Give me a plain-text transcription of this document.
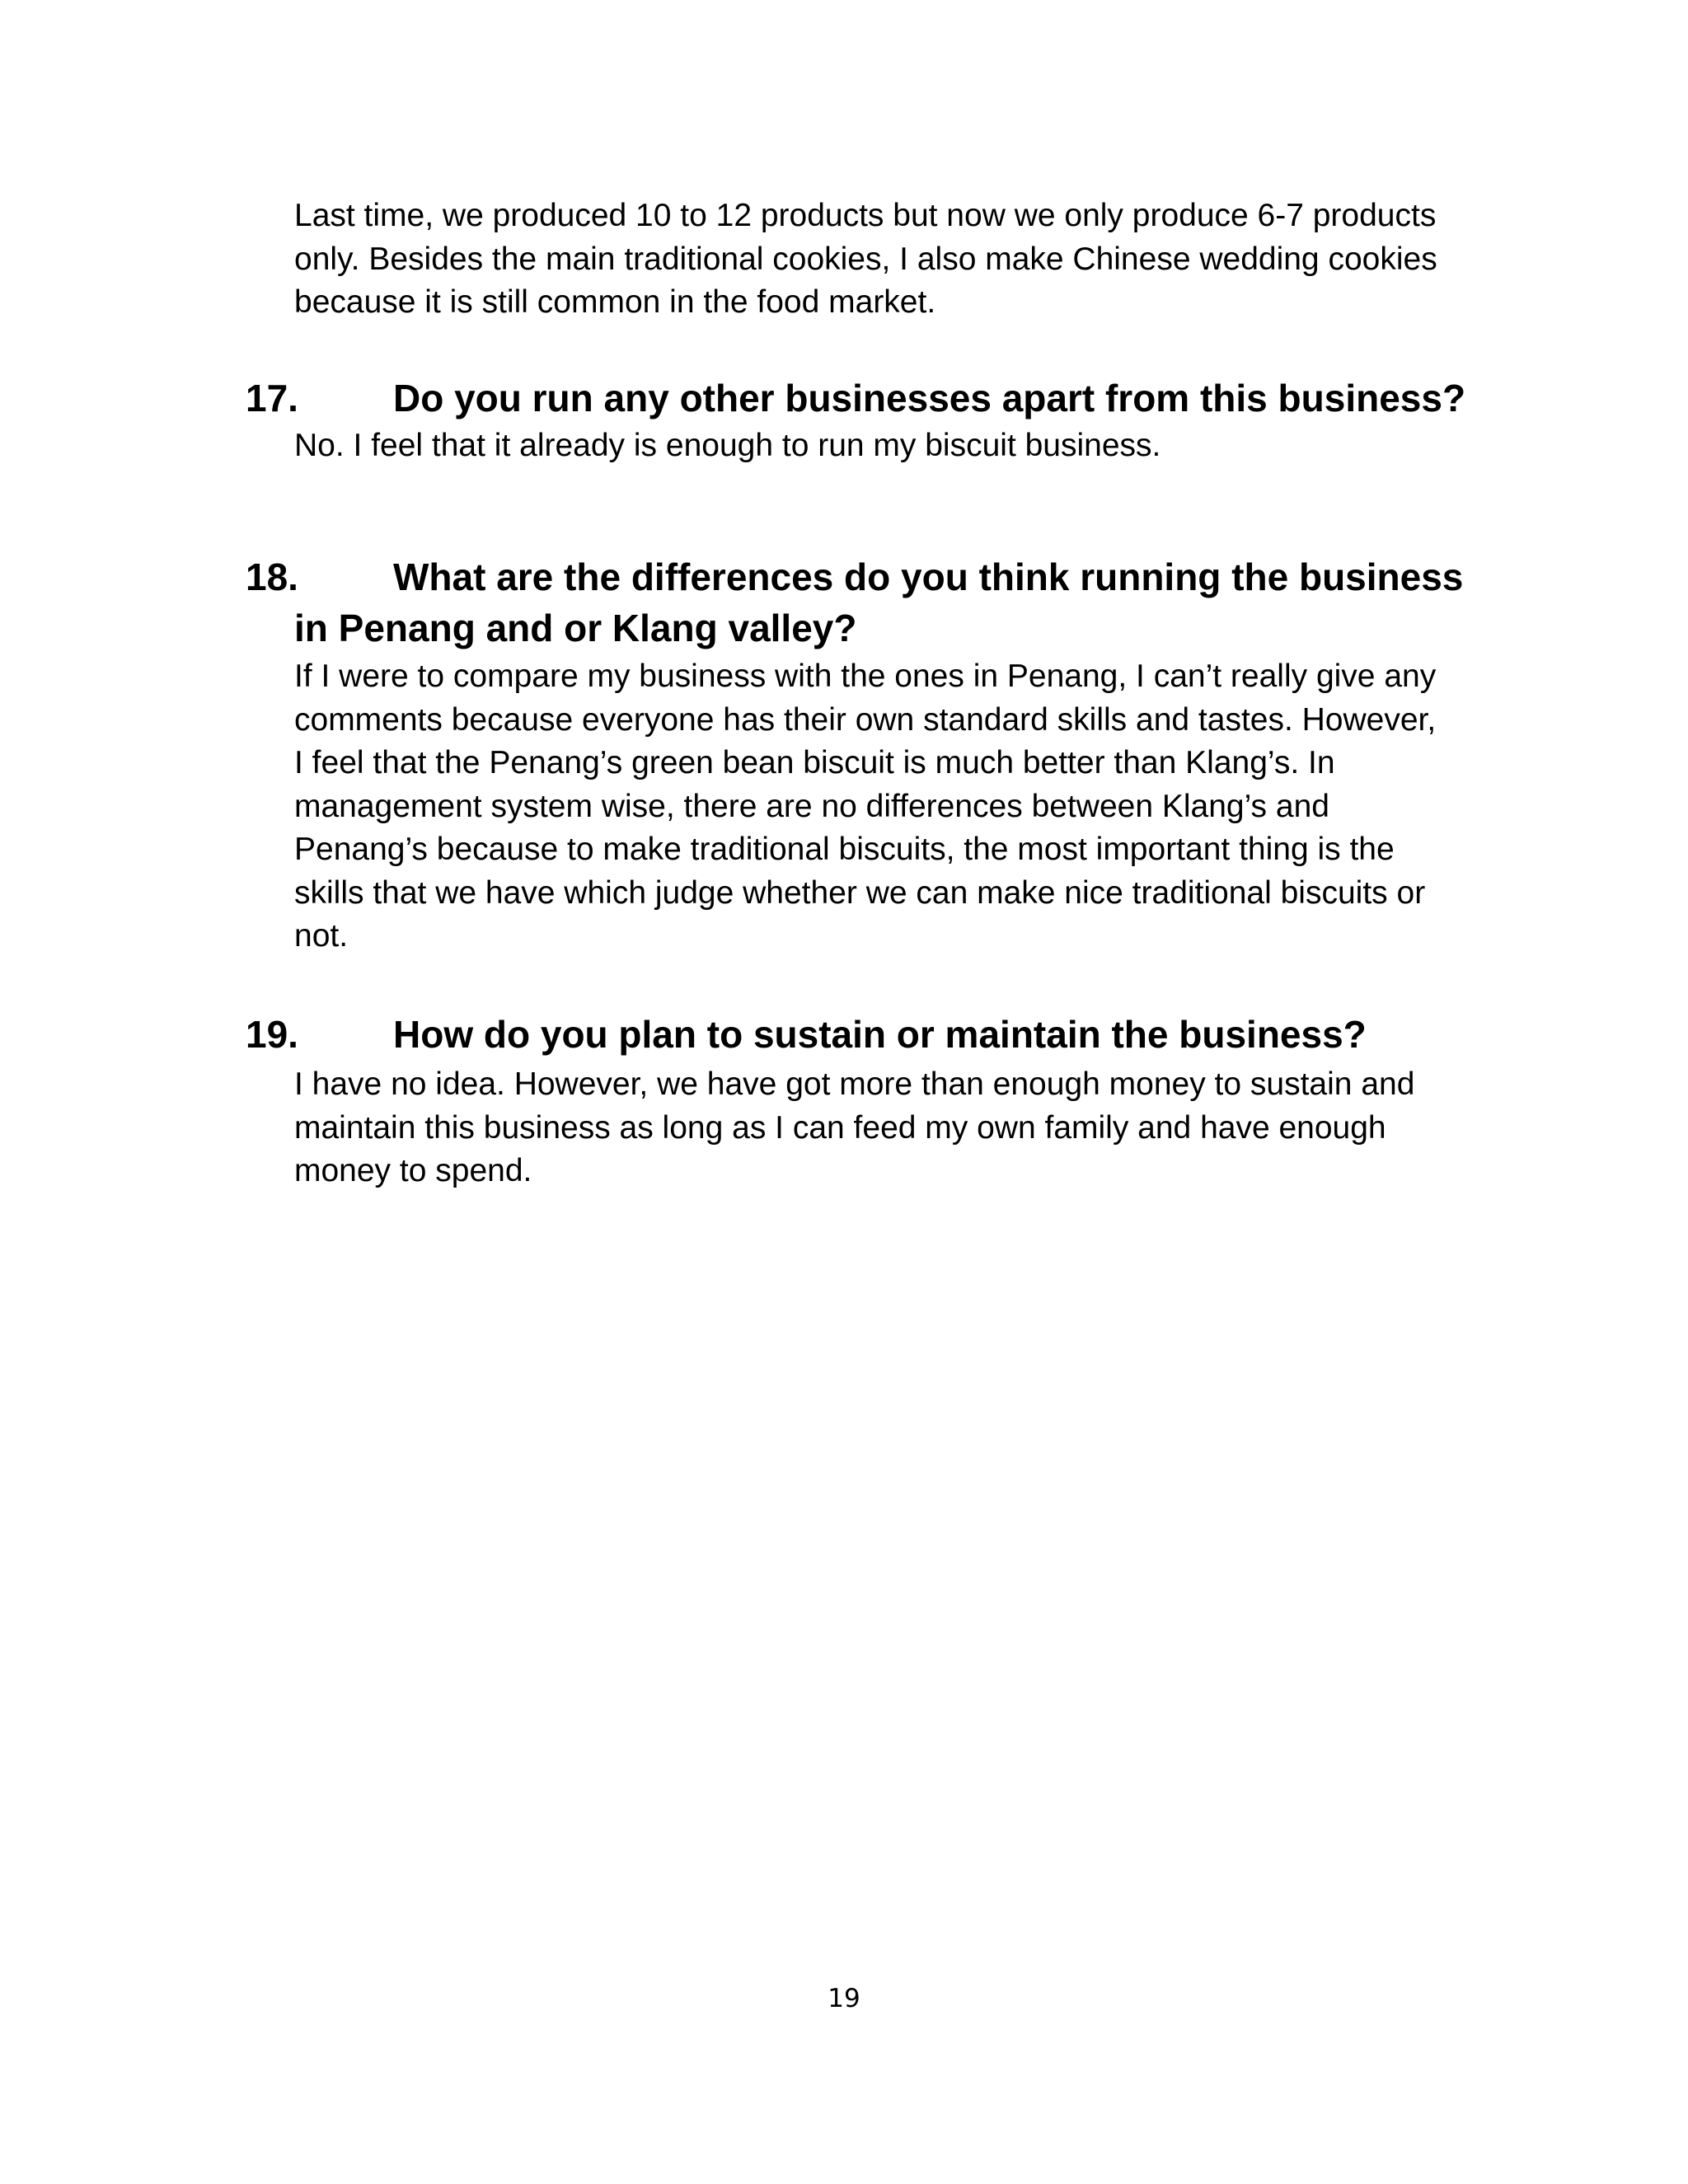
Last time, we produced 10 to 12 products but now we only produce 6-7 products
only. Besides the main traditional cookies, I also make Chinese wedding cookies
because it is still common in the food market.

17.	Do you run any other businesses apart from this business?

No. I feel that it already is enough to run my biscuit business.

18.	What are the differences do you think running the business
in Penang and or Klang valley?

If I were to compare my business with the ones in Penang, I can’t really give any
comments because everyone has their own standard skills and tastes. However,
I feel that the Penang’s green bean biscuit is much better than Klang’s. In
management system wise, there are no differences between Klang’s and
Penang’s because to make traditional biscuits, the most important thing is the
skills that we have which judge whether we can make nice traditional biscuits or
not.

19.	How do you plan to sustain or maintain the business?

I have no idea. However, we have got more than enough money to sustain and
maintain this business as long as I can feed my own family and have enough
money to spend.

19
